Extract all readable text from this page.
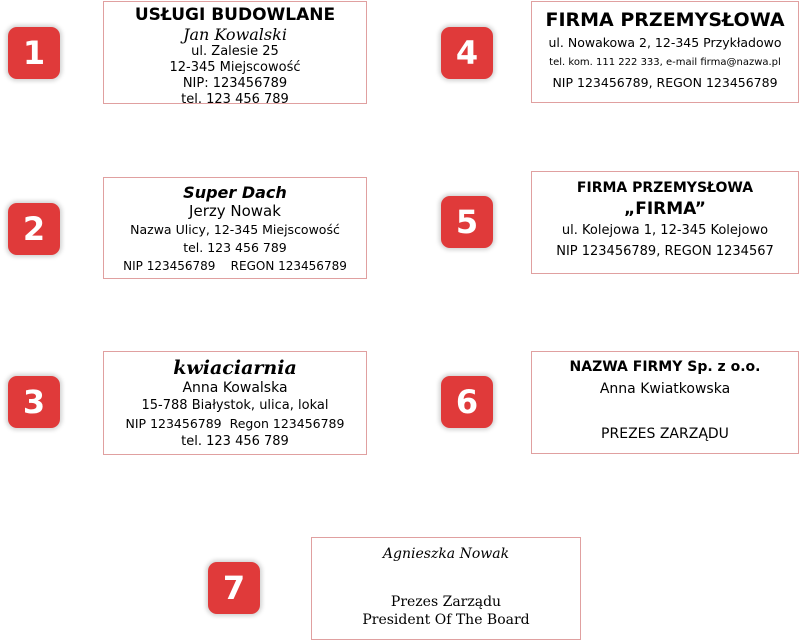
1
2
3
4
5
6
7
USŁUGI BUDOWLANE
Jan Kowalski
ul. Zalesie 25
12-345 Miejscowość
NIP: 123456789
tel. 123 456 789
Super Dach
Jerzy Nowak
Nazwa Ulicy, 12-345 Miejscowość
tel. 123 456 789
NIP 123456789    REGON 123456789
kwiaciarnia
Anna Kowalska
15-788 Białystok, ulica, lokal
NIP 123456789  Regon 123456789
tel. 123 456 789
FIRMA PRZEMYSŁOWA
ul. Nowakowa 2, 12-345 Przykładowo
tel. kom. 111 222 333, e-mail firma@nazwa.pl
NIP 123456789, REGON 123456789
FIRMA PRZEMYSŁOWA
„FIRMA”
ul. Kolejowa 1, 12-345 Kolejowo
NIP 123456789, REGON 1234567
NAZWA FIRMY Sp. z o.o.
Anna Kwiatkowska
PREZES ZARZĄDU
Agnieszka Nowak
Prezes Zarządu
President Of The Board
